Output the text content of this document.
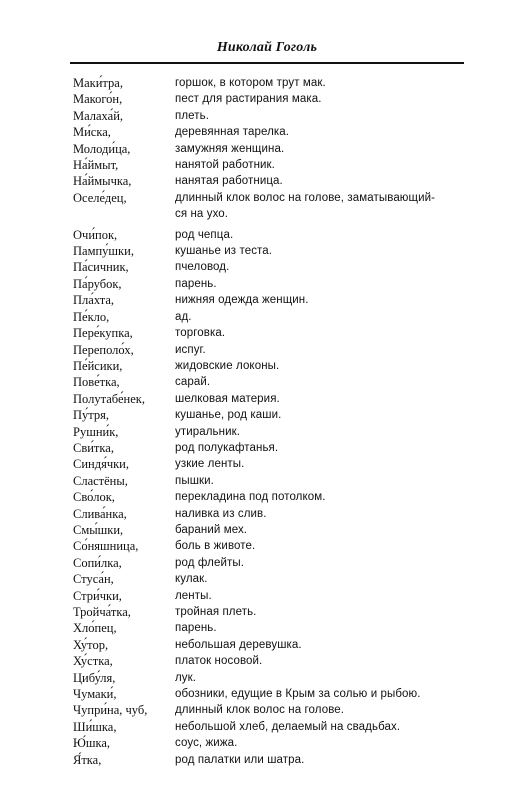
Николай Гоголь
Маки́тра,	горшок, в котором трут мак.
Макого́н,	пест для растирания мака.
Малаха́й,	плеть.
Ми́ска,	деревянная тарелка.
Молоди́ца,	замужняя женщина.
На́ймыт,	нанятой работник.
На́ймычка,	нанятая работница.
Оселе́дец,	длинный клок волос на голове, заматывающий-
ся на ухо.
Очи́пок,	род чепца.
Пампу́шки,	кушанье из теста.
Па́сичник,	пчеловод.
Па́рубок,	парень.
Пла́хта,	нижняя одежда женщин.
Пе́кло,	ад.
Пере́купка,	торговка.
Переполо́х,	испуг.
Пе́йсики,	жидовские локоны.
Пове́тка,	сарай.
Полутабе́нек,	шелковая материя.
Пу́тря,	кушанье, род каши.
Рушни́к,	утиральник.
Сви́тка,	род полукафтанья.
Синдя́чки,	узкие ленты.
Сластёны,	пышки.
Сво́лок,	перекладина под потолком.
Слива́нка,	наливка из слив.
Смы́шки,	бараний мех.
Со́няшница,	боль в животе.
Сопи́лка,	род флейты.
Стуса́н,	кулак.
Стри́чки,	ленты.
Тройча́тка,	тройная плеть.
Хло́пец,	парень.
Ху́тор,	небольшая деревушка.
Ху́стка,	платок носовой.
Цибу́ля,	лук.
Чумаки́,	обозники, едущие в Крым за солью и рыбою.
Чупри́на, чуб,	длинный клок волос на голове.
Ши́шка,	небольшой хлеб, делаемый на свадьбах.
Ю́шка,	соус, жижа.
Я́тка,	род палатки или шатра.
